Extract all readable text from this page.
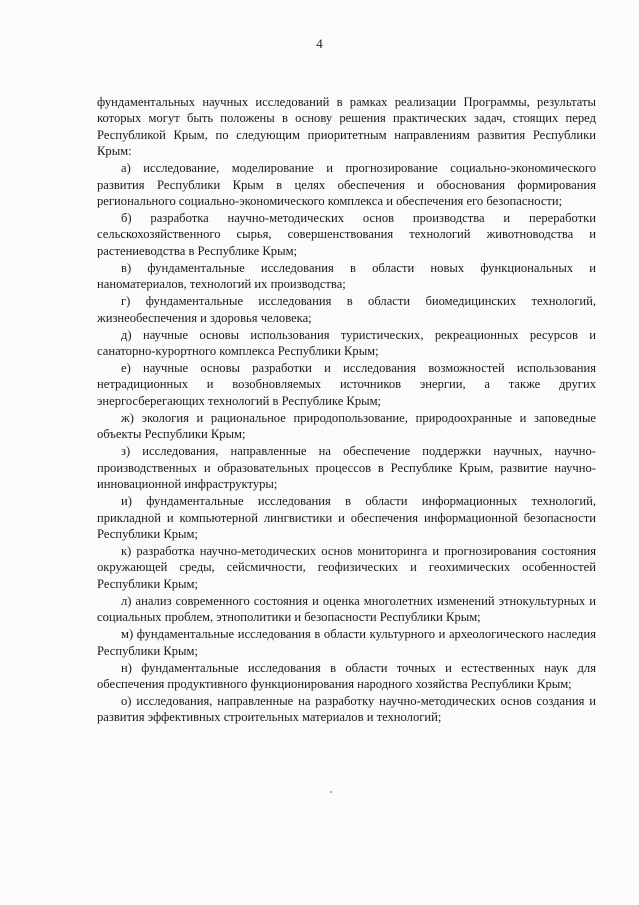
4

фундаментальных научных исследований в рамках реализации Программы, результаты которых могут быть положены в основу решения практических задач, стоящих перед Республикой Крым, по следующим приоритетным направлениям развития Республики Крым:

а) исследование, моделирование и прогнозирование социально-экономического развития Республики Крым в целях обеспечения и обоснования формирования регионального социально-экономического комплекса и обеспечения его безопасности;

б) разработка научно-методических основ производства и переработки сельскохозяйственного сырья, совершенствования технологий животноводства и растениеводства в Республике Крым;

в) фундаментальные исследования в области новых функциональных и наноматериалов, технологий их производства;

г) фундаментальные исследования в области биомедицинских технологий, жизнеобеспечения и здоровья человека;

д) научные основы использования туристических, рекреационных ресурсов и санаторно-курортного комплекса Республики Крым;

е) научные основы разработки и исследования возможностей использования нетрадиционных и возобновляемых источников энергии, а также других энергосберегающих технологий в Республике Крым;

ж) экология и рациональное природопользование, природоохранные и заповедные объекты Республики Крым;

з) исследования, направленные на обеспечение поддержки научных, научно-производственных и образовательных процессов в Республике Крым, развитие научно-инновационной инфраструктуры;

и) фундаментальные исследования в области информационных технологий, прикладной и компьютерной лингвистики и обеспечения информационной безопасности Республики Крым;

к) разработка научно-методических основ мониторинга и прогнозирования состояния окружающей среды, сейсмичности, геофизических и геохимических особенностей Республики Крым;

л) анализ современного состояния и оценка многолетних изменений этнокультурных и социальных проблем, этнополитики и безопасности Республики Крым;

м) фундаментальные исследования в области культурного и археологического наследия Республики Крым;

н) фундаментальные исследования в области точных и естественных наук для обеспечения продуктивного функционирования народного хозяйства Республики Крым;

о) исследования, направленные на разработку научно-методических основ создания и развития эффективных строительных материалов и технологий;
